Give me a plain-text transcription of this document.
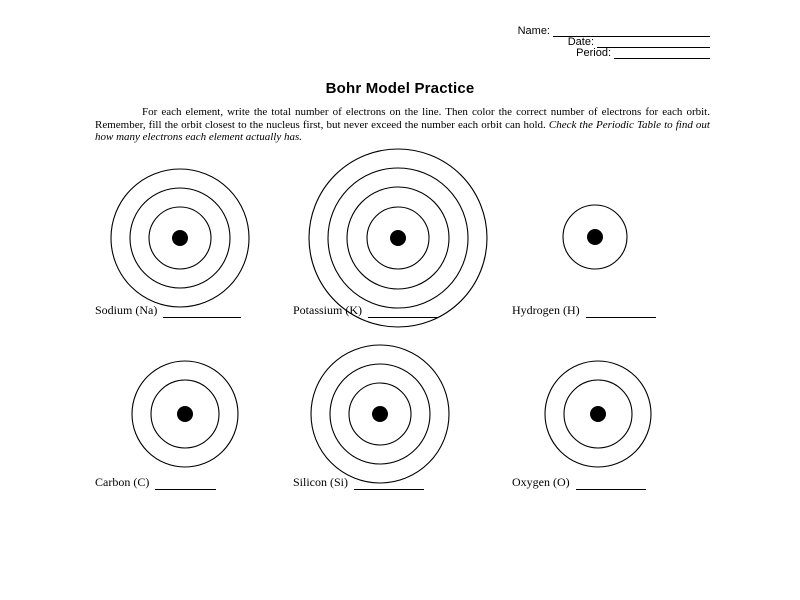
Name:
Date:
Period:
Bohr Model Practice

For each element, write the total number of electrons on the line. Then color the correct number of electrons for each orbit. Remember, fill the orbit closest to the nucleus first, but never exceed the number each orbit can hold. Check the Periodic Table to find out how many electrons each element actually has.

Sodium (Na)	Potassium (K)	Hydrogen (H)
Carbon (C)	Silicon (Si)	Oxygen (O)
